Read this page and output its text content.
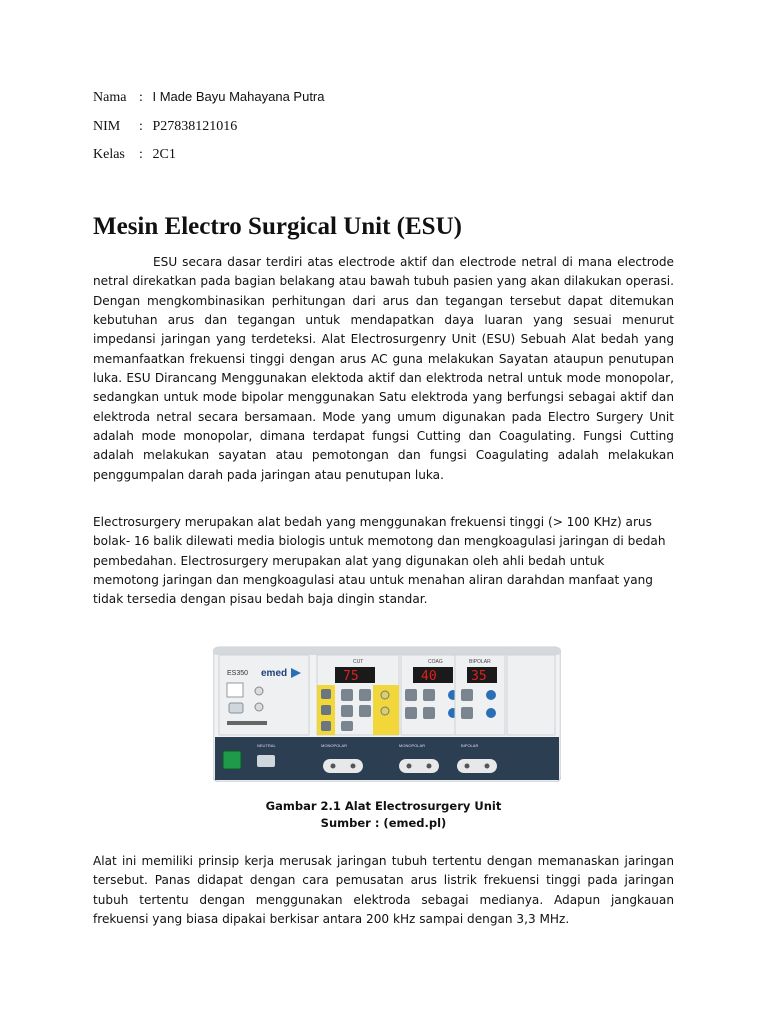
Nama : I Made Bayu Mahayana Putra
NIM : P27838121016
Kelas : 2C1
Mesin Electro Surgical Unit (ESU)

ESU secara dasar terdiri atas electrode aktif dan electrode netral di mana electrode netral direkatkan pada bagian belakang atau bawah tubuh pasien yang akan dilakukan operasi. Dengan mengkombinasikan perhitungan dari arus dan tegangan tersebut dapat ditemukan kebutuhan arus dan tegangan untuk mendapatkan daya luaran yang sesuai menurut impedansi jaringan yang terdeteksi. Alat Electrosurgenry Unit (ESU) Sebuah Alat bedah yang memanfaatkan frekuensi tinggi dengan arus AC guna melakukan Sayatan ataupun penutupan luka. ESU Dirancang Menggunakan elektoda aktif dan elektroda netral untuk mode monopolar, sedangkan untuk mode bipolar menggunakan Satu elektroda yang berfungsi sebagai aktif dan elektroda netral secara bersamaan. Mode yang umum digunakan pada Electro Surgery Unit adalah mode monopolar, dimana terdapat fungsi Cutting dan Coagulating. Fungsi Cutting adalah melakukan sayatan atau pemotongan dan fungsi Coagulating adalah melakukan penggumpalan darah pada jaringan atau penutupan luka.

Electrosurgery merupakan alat bedah yang menggunakan frekuensi tinggi (> 100 KHz) arus bolak- 16 balik dilewati media biologis untuk memotong dan mengkoagulasi jaringan di bedah pembedahan. Electrosurgery merupakan alat yang digunakan oleh ahli bedah untuk memotong jaringan dan mengkoagulasi atau untuk menahan aliran darahdan manfaat yang tidak tersedia dengan pisau bedah baja dingin standar.

ES350 emed
CUT
75
COAG
40
BIPOLAR
35
NEUTRAL	MONOPOLAR	MONOPOLAR	BIPOLAR
Gambar 2.1 Alat Electrosurgery Unit
Sumber : (emed.pl)

Alat ini memiliki prinsip kerja merusak jaringan tubuh tertentu dengan memanaskan jaringan tersebut. Panas didapat dengan cara pemusatan arus listrik frekuensi tinggi pada jaringan tubuh tertentu dengan menggunakan elektroda sebagai medianya. Adapun jangkauan frekuensi yang biasa dipakai berkisar antara 200 kHz sampai dengan 3,3 MHz.
